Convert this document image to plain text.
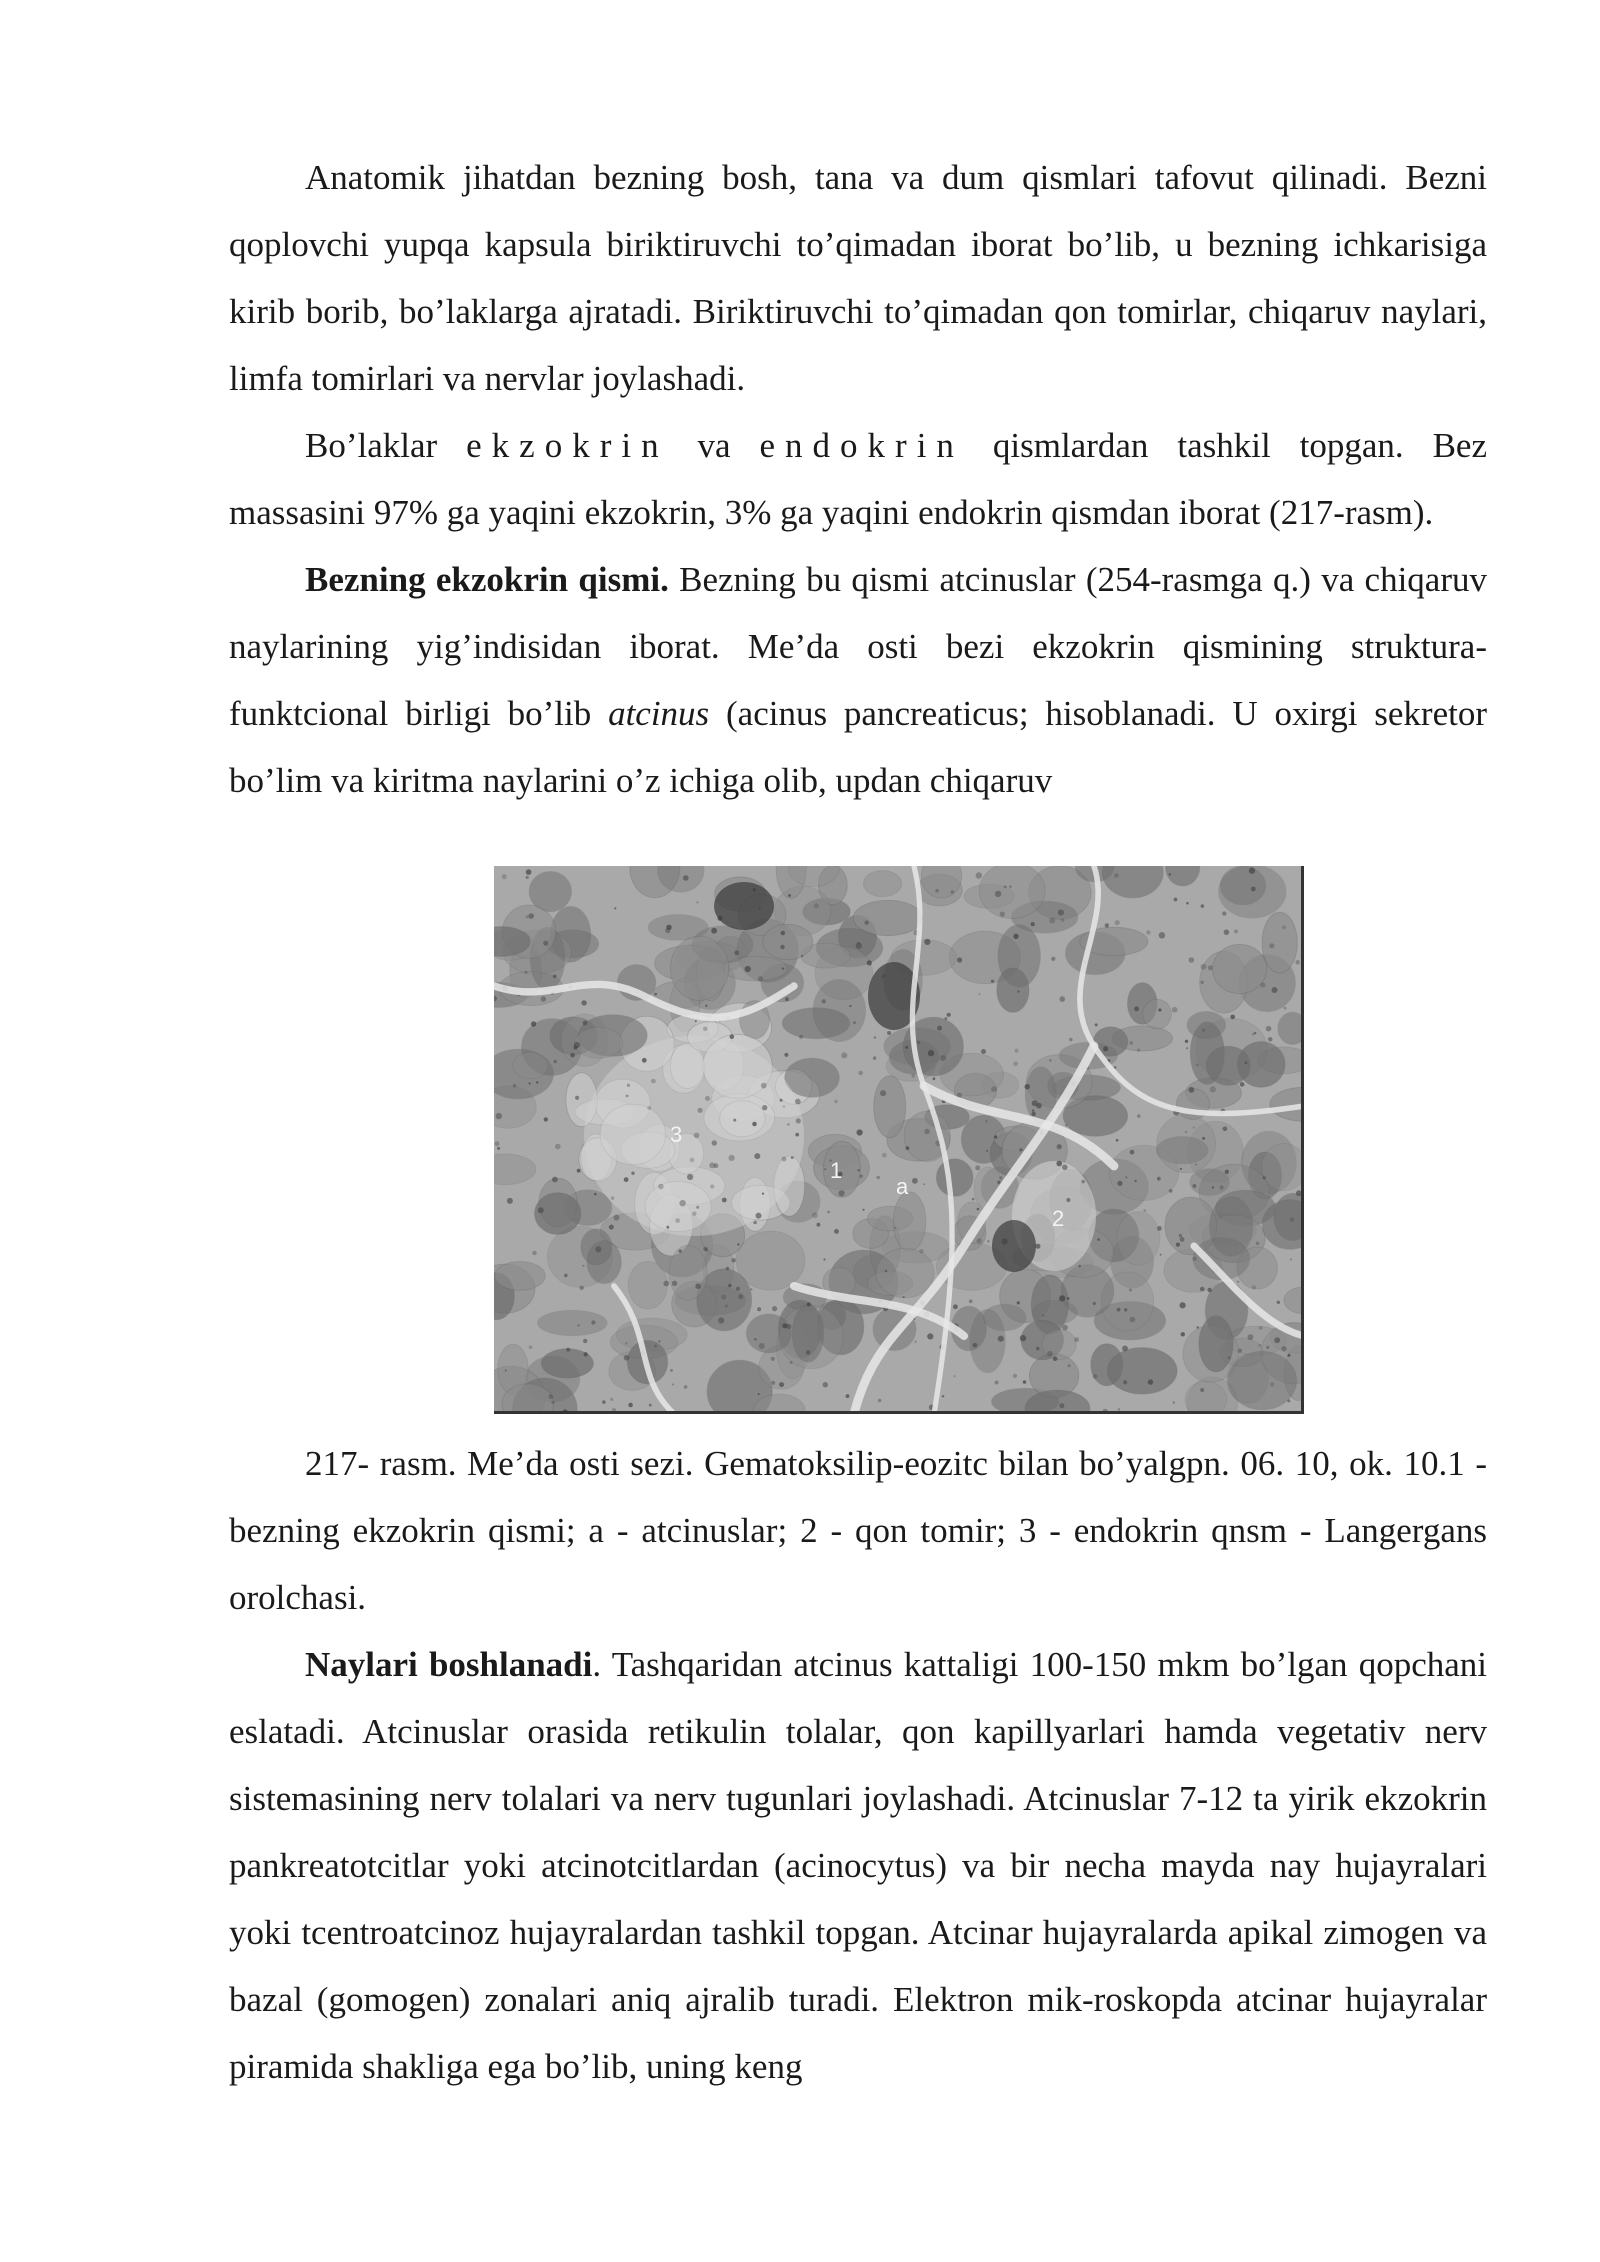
Anatomik jihatdan bezning bosh, tana va dum qismlari tafovut qilinadi. Bezni qoplovchi yupqa kapsula biriktiruvchi to’qimadan iborat bo’lib, u bezning ichkarisiga kirib borib, bo’laklarga ajratadi. Biriktiruvchi to’qimadan qon tomirlar, chiqaruv naylari, limfa tomirlari va nervlar joylashadi.

Bo’laklar ekzokrin va endokrin qismlardan tashkil topgan. Bez massasini 97% ga yaqini ekzokrin, 3% ga yaqini endokrin qismdan iborat (217-rasm).

Bezning ekzokrin qismi. Bezning bu qismi atcinuslar (254-rasmga q.) va chiqaruv naylarining yig’indisidan iborat. Me’da osti bezi ekzokrin qismining struktura-funktcional birligi bo’lib atcinus (acinus pancreaticus; hisoblanadi. U oxirgi sekretor bo’lim va kiritma naylarini o’z ichiga olib, updan chiqaruv

3
1
a
2

217- rasm. Me’da osti sezi. Gematoksilip-eozitc bilan bo’yalgpn. 06. 10, ok. 10.1 - bezning ekzokrin qismi; a - atcinuslar; 2 - qon tomir; 3 - endokrin qnsm - Langergans orolchasi.

Naylari boshlanadi. Tashqaridan atcinus kattaligi 100-150 mkm bo’lgan qopchani eslatadi. Atcinuslar orasida retikulin tolalar, qon kapillyarlari hamda vegetativ nerv sistemasining nerv tolalari va nerv tugunlari joylashadi. Atcinuslar 7-12 ta yirik ekzokrin pankreatotcitlar yoki atcinotcitlardan (acinocytus) va bir necha mayda nay hujayralari yoki tcentroatcinoz hujayralardan tashkil topgan. Atcinar hujayralarda apikal zimogen va bazal (gomogen) zonalari aniq ajralib turadi. Elektron mik-roskopda atcinar hujayralar piramida shakliga ega bo’lib, uning keng
